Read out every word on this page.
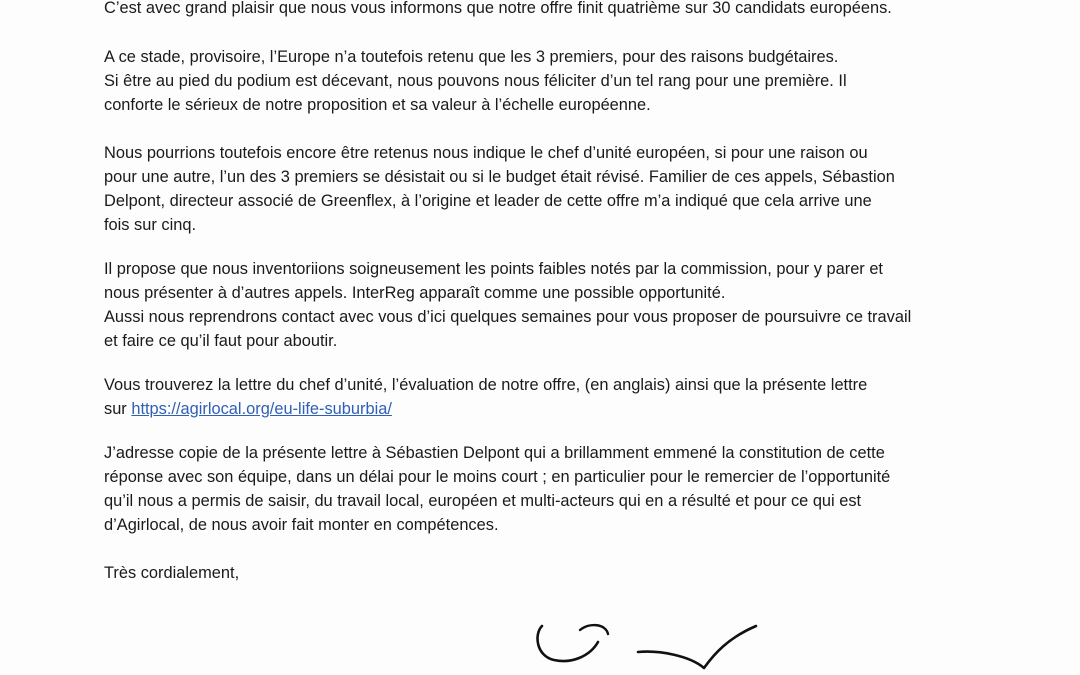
C’est avec grand plaisir que nous vous informons que notre offre finit quatrième sur 30 candidats européens.
A ce stade, provisoire, l’Europe n’a toutefois retenu que les 3 premiers, pour des raisons budgétaires.
Si être au pied du podium est décevant, nous pouvons nous féliciter d’un tel rang pour une première. Il
conforte le sérieux de notre proposition et sa valeur à l’échelle européenne.
Nous pourrions toutefois encore être retenus nous indique le chef d’unité européen, si pour une raison ou
pour une autre, l’un des 3 premiers se désistait ou si le budget était révisé. Familier de ces appels, Sébastion
Delpont, directeur associé de Greenflex, à l’origine et leader de cette offre m’a indiqué que cela arrive une
fois sur cinq.
Il propose que nous inventoriions soigneusement les points faibles notés par la commission, pour y parer et
nous présenter à d’autres appels. InterReg apparaît comme une possible opportunité.
Aussi nous reprendrons contact avec vous d’ici quelques semaines pour vous proposer de poursuivre ce travail
et faire ce qu’il faut pour aboutir.
Vous trouverez la lettre du chef d’unité, l’évaluation de notre offre, (en anglais) ainsi que la présente lettre
sur https://agirlocal.org/eu-life-suburbia/
J’adresse copie de la présente lettre à Sébastien Delpont qui a brillamment emmené la constitution de cette
réponse avec son équipe, dans un délai pour le moins court ; en particulier pour le remercier de l’opportunité
qu’il nous a permis de saisir, du travail local, européen et multi-acteurs qui en a résulté et pour ce qui est
d’Agirlocal, de nous avoir fait monter en compétences.
Très cordialement,
